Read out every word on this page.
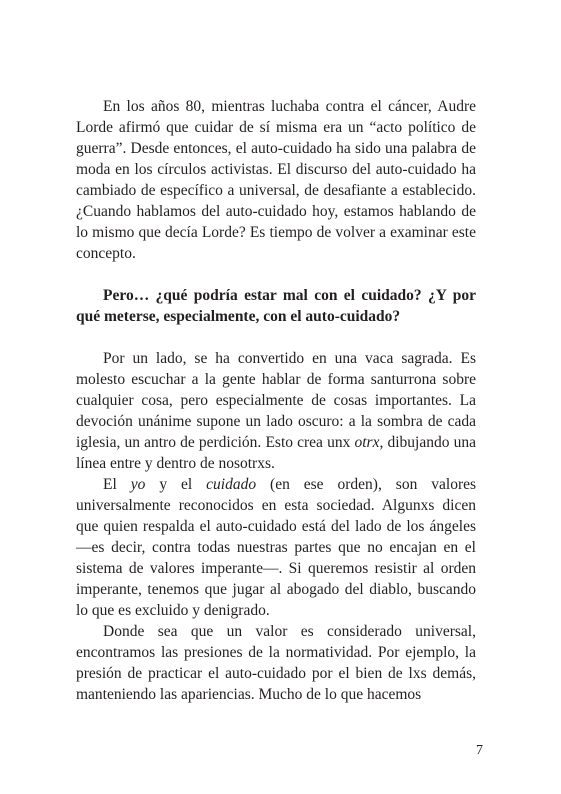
En los años 80, mientras luchaba contra el cáncer, Audre Lorde afirmó que cuidar de sí misma era un “acto político de guerra”. Desde entonces, el auto-cuidado ha sido una palabra de moda en los círculos activistas. El discurso del auto-cuidado ha cambiado de específico a universal, de desafiante a establecido. ¿Cuando hablamos del auto-cuidado hoy, estamos hablando de lo mismo que decía Lorde? Es tiempo de volver a examinar este concepto.

Pero… ¿qué podría estar mal con el cuidado? ¿Y por qué meterse, especialmente, con el auto-cuidado?

Por un lado, se ha convertido en una vaca sagrada. Es molesto escuchar a la gente hablar de forma santurrona sobre cualquier cosa, pero especialmente de cosas importantes. La devoción unánime supone un lado oscuro: a la sombra de cada iglesia, un antro de perdición. Esto crea unx otrx, dibujando una línea entre y dentro de nosotrxs.

El yo y el cuidado (en ese orden), son valores universalmente reconocidos en esta sociedad. Algunxs dicen que quien respalda el auto-cuidado está del lado de los ángeles —es decir, contra todas nuestras partes que no encajan en el sistema de valores imperante—. Si queremos resistir al orden imperante, tenemos que jugar al abogado del diablo, buscando lo que es excluido y denigrado.

Donde sea que un valor es considerado universal, encontramos las presiones de la normatividad. Por ejemplo, la presión de practicar el auto-cuidado por el bien de lxs demás, manteniendo las apariencias. Mucho de lo que hacemos

7
